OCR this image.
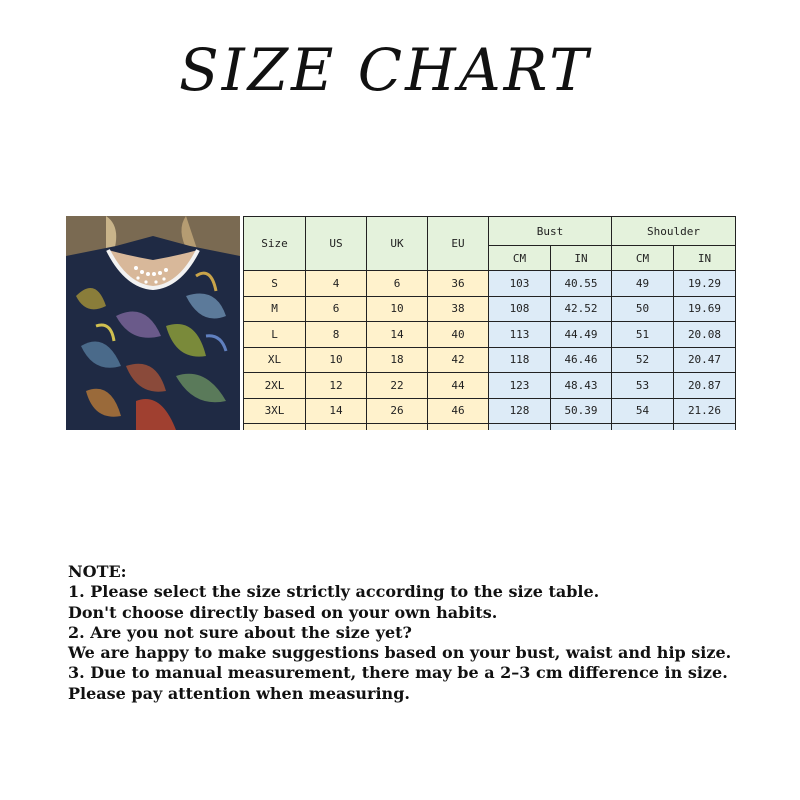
SIZE CHART
Size	US	UK	EU	Bust		Shoulder	
				CM	IN	CM	IN
S	4	6	36	103	40.55	49	19.29
M	6	10	38	108	42.52	50	19.69
L	8	14	40	113	44.49	51	20.08
XL	10	18	42	118	46.46	52	20.47
2XL	12	22	44	123	48.43	53	20.87
3XL	14	26	46	128	50.39	54	21.26

NOTE:
1. Please select the size strictly according to the size table.
Don't choose directly based on your own habits.
2. Are you not sure about the size yet?
We are happy to make suggestions based on your bust, waist and hip size.
3. Due to manual measurement, there may be a 2–3 cm difference in size.
Please pay attention when measuring.
